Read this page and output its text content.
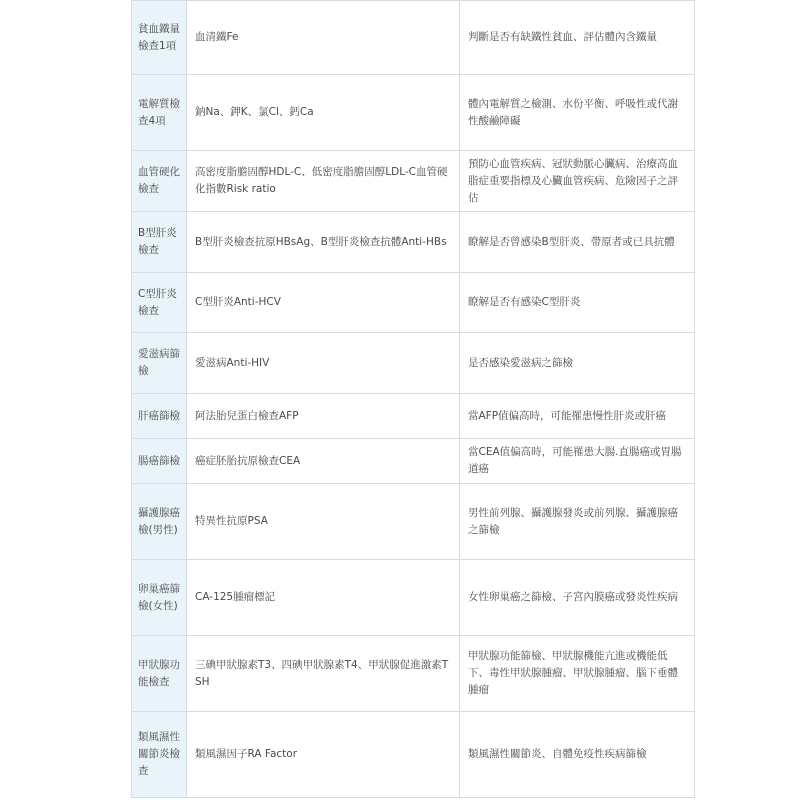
貧血鐵量檢查1項	血清鐵Fe	判斷是否有缺鐵性貧血、評估體內含鐵量

電解質檢查4項	鈉Na、鉀K、氯Cl、鈣Ca	體內電解質之檢測、水份平衡、呼吸性或代謝性酸鹼障礙

血管硬化檢查	高密度脂膽固醇HDL-C、低密度脂膽固醇LDL-C血管硬化指數Risk ratio	預防心血管疾病、冠狀動脈心臟病、治療高血脂症重要指標及心臟血管疾病、危險因子之評估

B型肝炎檢查	B型肝炎檢查抗原HBsAg、B型肝炎檢查抗體Anti-HBs	瞭解是否曾感染B型肝炎、帶原者或已具抗體

C型肝炎檢查	C型肝炎Anti-HCV	瞭解是否有感染C型肝炎

愛滋病篩檢	愛滋病Anti-HIV	是否感染愛滋病之篩檢

肝癌篩檢	阿法胎兒蛋白檢查AFP	當AFP值偏高時，可能罹患慢性肝炎或肝癌

腸癌篩檢	癌症胚胎抗原檢查CEA	當CEA值偏高時，可能罹患大腸.直腸癌或胃腸道癌

攝護腺癌檢(男性)	特異性抗原PSA	男性前列腺、攝護腺發炎或前列腺、攝護腺癌之篩檢

卵巢癌篩檢(女性)	CA-125腫瘤標記	女性卵巢癌之篩檢、子宮內膜癌或發炎性疾病

甲狀腺功能檢查	三碘甲狀腺素T3、四碘甲狀腺素T4、甲狀腺促進激素TSH	甲狀腺功能篩檢、甲狀腺機能亢進或機能低下、毒性甲狀腺腫瘤、甲狀腺腫瘤、腦下垂體腫瘤

類風濕性關節炎檢查	類風濕因子RA Factor	類風濕性關節炎、自體免疫性疾病篩檢
